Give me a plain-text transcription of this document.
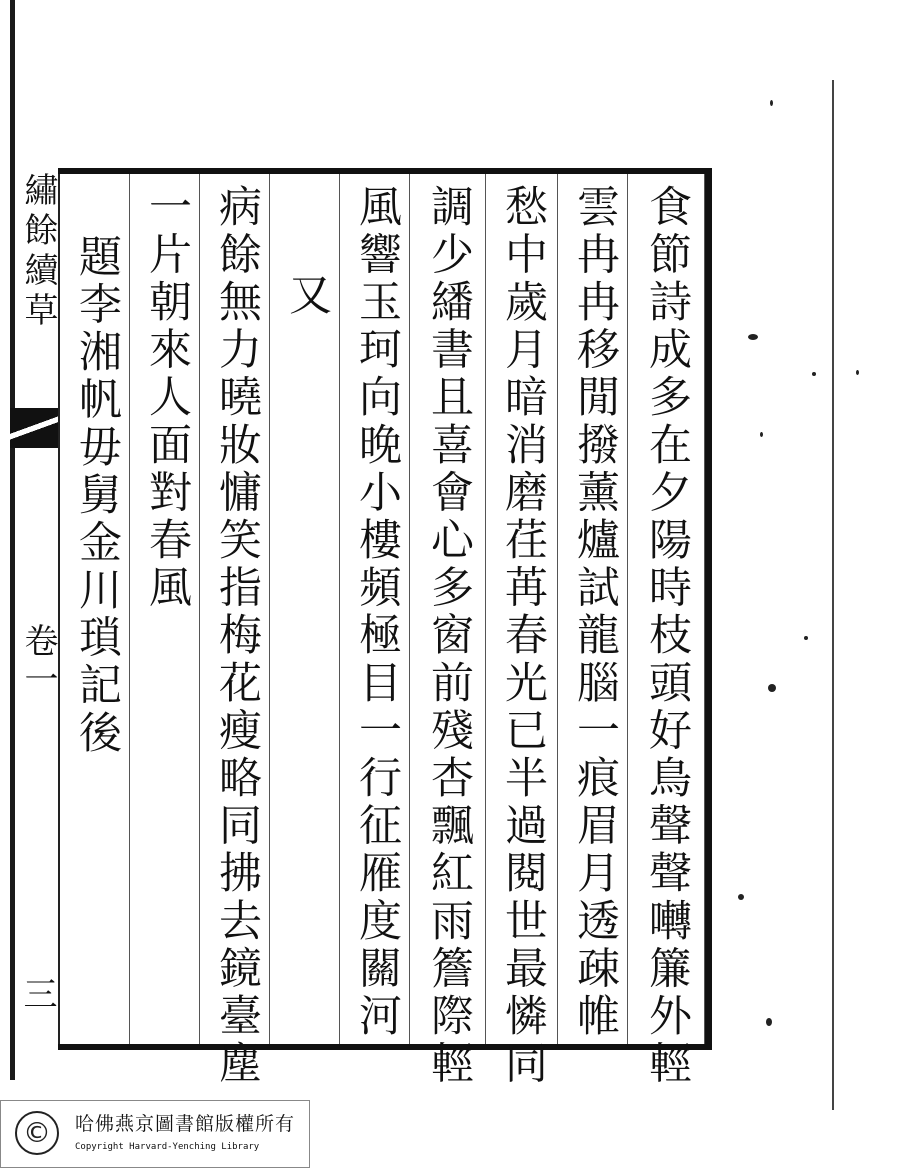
繡餘續草
卷一
三	食節詩成多在夕陽時枝頭好鳥聲聲囀簾外輕
雲冉冉移閒撥薰爐試龍腦一痕眉月透疎帷
愁中歲月暗消磨荏苒春光已半過閱世最憐同
調少繙書且喜會心多窗前殘杏飄紅雨簷際輕
風響玉珂向晚小樓頻極目一行征雁度關河
又
病餘無力曉妝慵笑指梅花瘦略同拂去鏡臺塵
一片朝來人面對春風
題李湘帆毋舅金川瑣記後
©	哈佛燕京圖書館版權所有
Copyright Harvard-Yenching Library
